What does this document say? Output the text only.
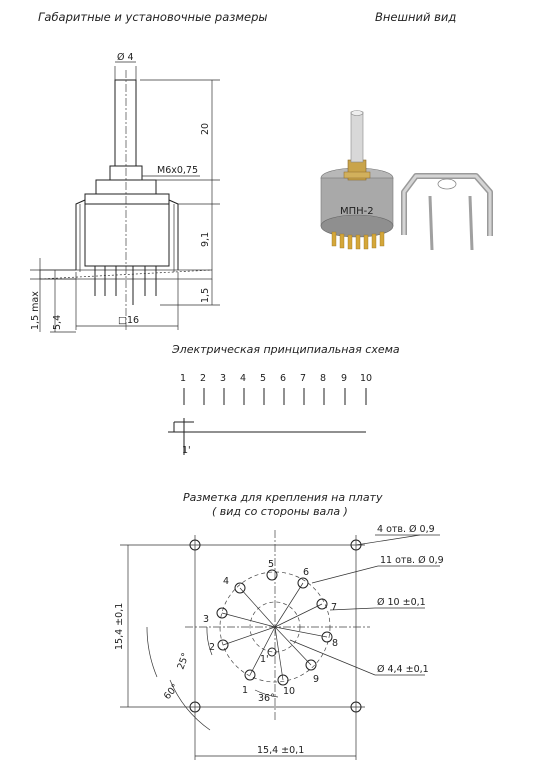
Габаритные и установочные размеры	Внешний вид
Электрическая принципиальная схема
Разметка для крепления на плату
( вид со стороны вала )
Ø 4
20
M6x0,75
9,1
1,5
1,5 max 5,4	□16
МПН-2
1 2 3 4 5 6 7 8 9 10
1'
1
2
3
4
5
6
7
8
9
10
1'
4 отв. Ø 0,9
11 отв. Ø 0,9
Ø 10 ±0,1
Ø 4,4 ±0,1
15,4 ±0,1
15,4 ±0,1
36°
25°
60°
